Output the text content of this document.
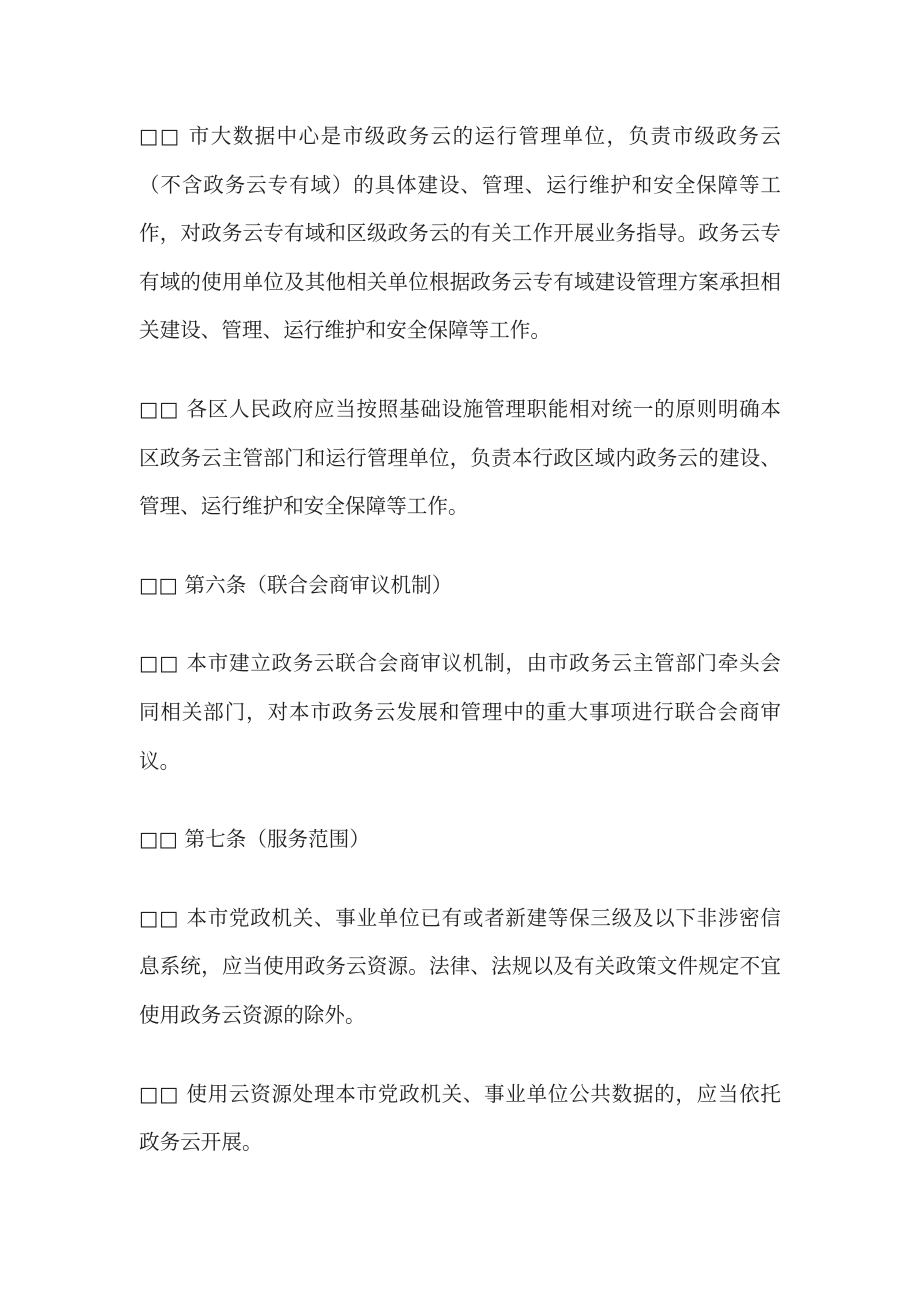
□□ 市大数据中心是市级政务云的运行管理单位，负责市级政务云（不含政务云专有域）的具体建设、管理、运行维护和安全保障等工作，对政务云专有域和区级政务云的有关工作开展业务指导。政务云专有域的使用单位及其他相关单位根据政务云专有域建设管理方案承担相关建设、管理、运行维护和安全保障等工作。

□□ 各区人民政府应当按照基础设施管理职能相对统一的原则明确本区政务云主管部门和运行管理单位，负责本行政区域内政务云的建设、管理、运行维护和安全保障等工作。

□□ 第六条（联合会商审议机制）

□□ 本市建立政务云联合会商审议机制，由市政务云主管部门牵头会同相关部门，对本市政务云发展和管理中的重大事项进行联合会商审议。

□□ 第七条（服务范围）

□□ 本市党政机关、事业单位已有或者新建等保三级及以下非涉密信息系统，应当使用政务云资源。法律、法规以及有关政策文件规定不宜使用政务云资源的除外。

□□ 使用云资源处理本市党政机关、事业单位公共数据的，应当依托政务云开展。
